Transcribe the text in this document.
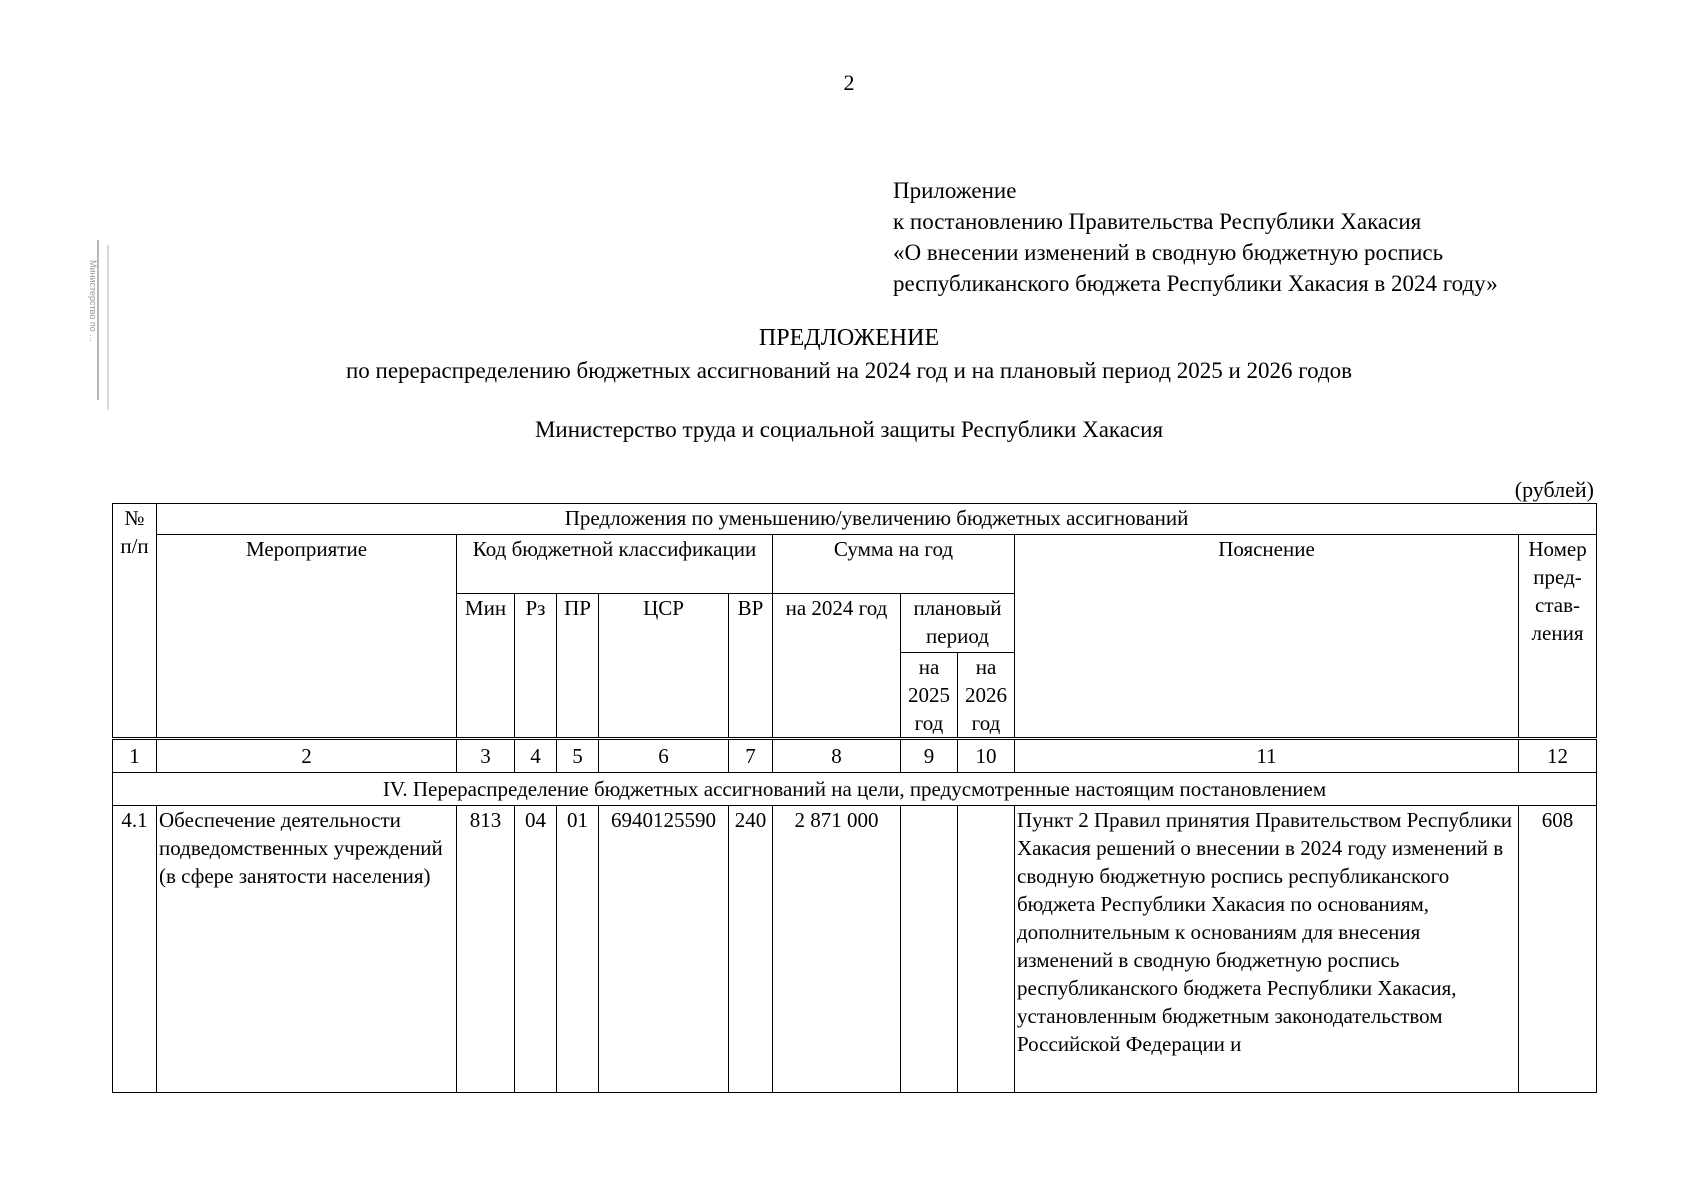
2
Приложение
к постановлению Правительства Республики Хакасия
«О внесении изменений в сводную бюджетную роспись
республиканского бюджета Республики Хакасия в 2024 году»
Министерство по ...	ПРЕДЛОЖЕНИЕ
по перераспределению бюджетных ассигнований на 2024 год и на плановый период 2025 и 2026 годов
Министерство труда и социальной защиты Республики Хакасия
(рублей)
№ п/п	Предложения по уменьшению/увеличению бюджетных ассигнований										
	Мероприятие	Код бюджетной классификации					Сумма на год			Пояснение	Номер пред-став-ления
		Мин	Рз	ПР	ЦСР	ВР	на 2024 год	плановый период			
								на 2025 год	на 2026 год		
1	2	3	4	5	6	7	8	9	10	11	12
IV. Перераспределение бюджетных ассигнований на цели, предусмотренные настоящим постановлением											
4.1	Обеспечение деятельности подведомственных учреждений (в сфере занятости населения)	813	04	01	6940125590	240	2 871 000			Пункт 2 Правил принятия Правительством Республики Хакасия решений о внесении в 2024 году изменений в сводную бюджетную роспись республиканского бюджета Республики Хакасия по основаниям, дополнительным к основаниям для внесения изменений в сводную бюджетную роспись республиканского бюджета Республики Хакасия, установленным бюджетным законодательством Российской Федерации и	608
